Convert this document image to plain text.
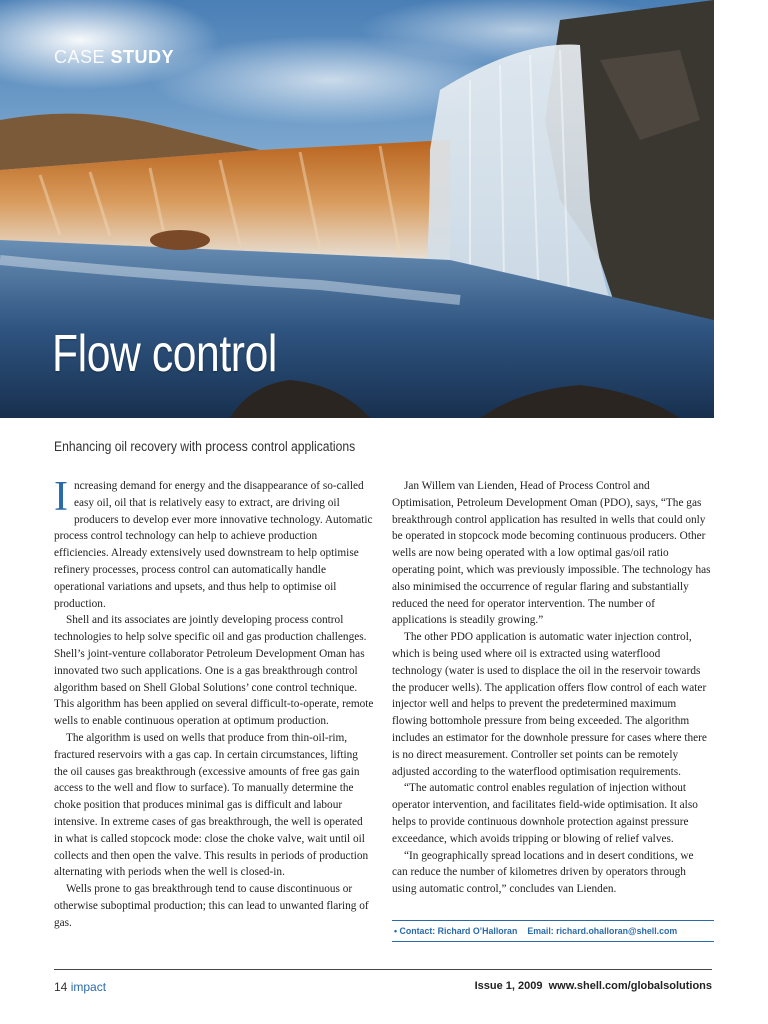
CASE STUDY
Flow control
Enhancing oil recovery with process control applications

Increasing demand for energy and the disappearance of so-called easy oil, oil that is relatively easy to extract, are driving oil producers to develop ever more innovative technology. Automatic process control technology can help to achieve production efficiencies. Already extensively used downstream to help optimise refinery processes, process control can automatically handle operational variations and upsets, and thus help to optimise oil production.

Shell and its associates are jointly developing process control technologies to help solve specific oil and gas production challenges. Shell’s joint-venture collaborator Petroleum Development Oman has innovated two such applications. One is a gas breakthrough control algorithm based on Shell Global Solutions’ cone control technique. This algorithm has been applied on several difficult-to-operate, remote wells to enable continuous operation at optimum production.

The algorithm is used on wells that produce from thin-oil-rim, fractured reservoirs with a gas cap. In certain circumstances, lifting the oil causes gas breakthrough (excessive amounts of free gas gain access to the well and flow to surface). To manually determine the choke position that produces minimal gas is difficult and labour intensive. In extreme cases of gas breakthrough, the well is operated in what is called stopcock mode: close the choke valve, wait until oil collects and then open the valve. This results in periods of production alternating with periods when the well is closed-in.

Wells prone to gas breakthrough tend to cause discontinuous or otherwise suboptimal production; this can lead to unwanted flaring of gas.

Jan Willem van Lienden, Head of Process Control and Optimisation, Petroleum Development Oman (PDO), says, “The gas breakthrough control application has resulted in wells that could only be operated in stopcock mode becoming continuous producers. Other wells are now being operated with a low optimal gas/oil ratio operating point, which was previously impossible. The technology has also minimised the occurrence of regular flaring and substantially reduced the need for operator intervention. The number of applications is steadily growing.”

The other PDO application is automatic water injection control, which is being used where oil is extracted using waterflood technology (water is used to displace the oil in the reservoir towards the producer wells). The application offers flow control of each water injector well and helps to prevent the predetermined maximum flowing bottomhole pressure from being exceeded. The algorithm includes an estimator for the downhole pressure for cases where there is no direct measurement. Controller set points can be remotely adjusted according to the waterflood optimisation requirements.

“The automatic control enables regulation of injection without operator intervention, and facilitates field-wide optimisation. It also helps to provide continuous downhole protection against pressure exceedance, which avoids tripping or blowing of relief valves.

“In geographically spread locations and in desert conditions, we can reduce the number of kilometres driven by operators through using automatic control,” concludes van Lienden.

• Contact: Richard O’Halloran Email: richard.ohalloran@shell.com
14 impact	Issue 1, 2009 www.shell.com/globalsolutions
